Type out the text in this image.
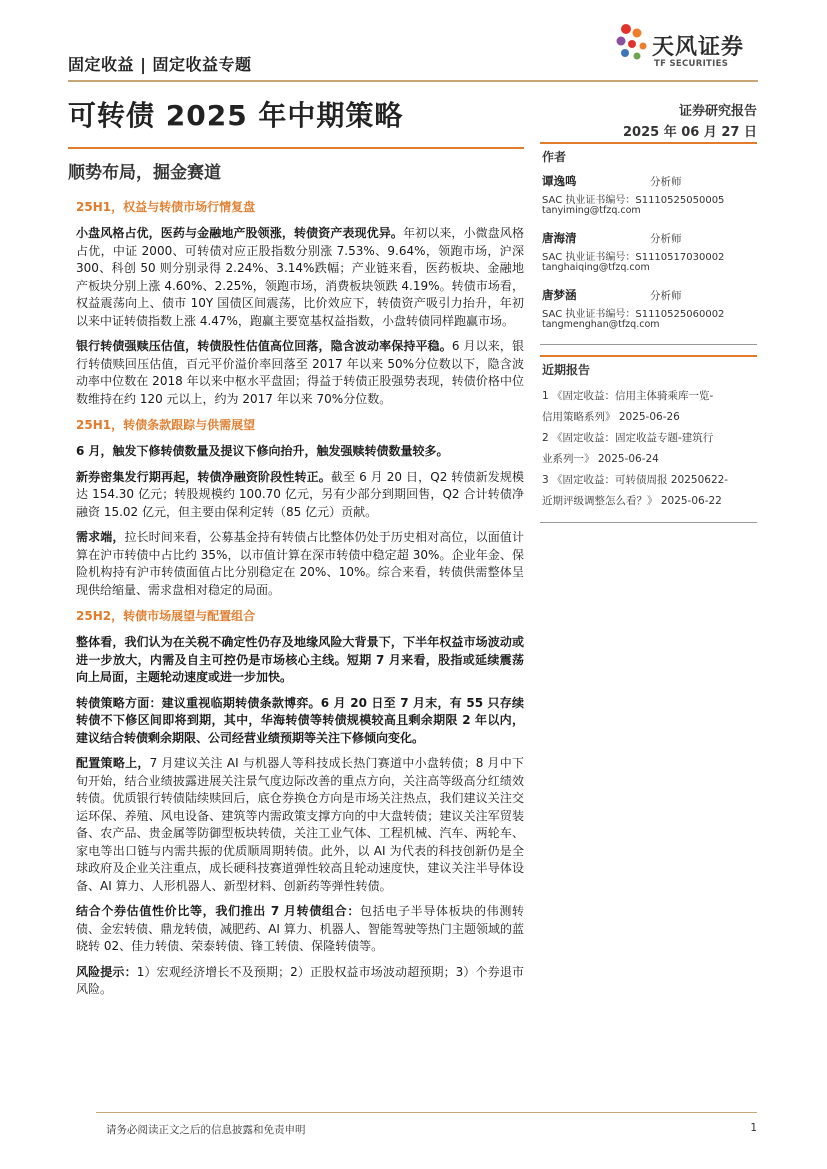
固定收益 | 固定收益专题
天风证券
TF SECURITIES
可转债 2025 年中期策略	证券研究报告
2025 年 06 月 27 日
顺势布局，掘金赛道
25H1，权益与转债市场行情复盘

小盘风格占优，医药与金融地产股领涨，转债资产表现优异。年初以来，小微盘风格占优，中证 2000、可转债对应正股指数分别涨 7.53%、9.64%，领跑市场，沪深 300、科创 50 则分别录得 2.24%、3.14%跌幅；产业链来看，医药板块、金融地产板块分别上涨 4.60%、2.25%，领跑市场，消费板块领跌 4.19%。转债市场看，权益震荡向上、债市 10Y 国债区间震荡，比价效应下，转债资产吸引力抬升，年初以来中证转债指数上涨 4.47%，跑赢主要宽基权益指数，小盘转债同样跑赢市场。

银行转债强赎压估值，转债股性估值高位回落，隐含波动率保持平稳。6 月以来，银行转债赎回压估值，百元平价溢价率回落至 2017 年以来 50%分位数以下，隐含波动率中位数在 2018 年以来中枢水平盘固；得益于转债正股强势表现，转债价格中位数维持在约 120 元以上，约为 2017 年以来 70%分位数。

25H1，转债条款跟踪与供需展望

6 月，触发下修转债数量及提议下修向抬升，触发强赎转债数量较多。

新券密集发行期再起，转债净融资阶段性转正。截至 6 月 20 日，Q2 转债新发规模达 154.30 亿元；转股规模约 100.70 亿元，另有少部分到期回售，Q2 合计转债净融资 15.02 亿元，但主要由保利定转（85 亿元）贡献。

需求端，拉长时间来看，公募基金持有转债占比整体仍处于历史相对高位，以面值计算在沪市转债中占比约 35%，以市值计算在深市转债中稳定超 30%。企业年金、保险机构持有沪市转债面值占比分别稳定在 20%、10%。综合来看，转债供需整体呈现供给缩量、需求盘相对稳定的局面。

25H2，转债市场展望与配置组合

整体看，我们认为在关税不确定性仍存及地缘风险大背景下，下半年权益市场波动或进一步放大，内需及自主可控仍是市场核心主线。短期 7 月来看，股指或延续震荡向上局面，主题轮动速度或进一步加快。

转债策略方面：建议重视临期转债条款博弈。6 月 20 日至 7 月末，有 55 只存续转债不下修区间即将到期，其中，华海转债等转债规模较高且剩余期限 2 年以内，建议结合转债剩余期限、公司经营业绩预期等关注下修倾向变化。

配置策略上，7 月建议关注 AI 与机器人等科技成长热门赛道中小盘转债；8 月中下旬开始，结合业绩披露进展关注景气度边际改善的重点方向，关注高等级高分红绩效转债。优质银行转债陆续赎回后，底仓券换仓方向是市场关注热点，我们建议关注交运环保、养殖、风电设备、建筑等内需政策支撑方向的中大盘转债；建议关注军贸装备、农产品、贵金属等防御型板块转债，关注工业气体、工程机械、汽车、两轮车、家电等出口链与内需共振的优质顺周期转债。此外，以 AI 为代表的科技创新仍是全球政府及企业关注重点，成长硬科技赛道弹性较高且轮动速度快，建议关注半导体设备、AI 算力、人形机器人、新型材料、创新药等弹性转债。

结合个券估值性价比等，我们推出 7 月转债组合：包括电子半导体板块的伟测转债、金宏转债、鼎龙转债，减肥药、AI 算力、机器人、智能驾驶等热门主题领域的蓝晓转 02、佳力转债、荣泰转债、锋工转债、保隆转债等。

风险提示：1）宏观经济增长不及预期；2）正股权益市场波动超预期；3）个券退市风险。

作者
谭逸鸣	分析师
SAC 执业证书编号：S1110525050005
tanyiming@tfzq.com
唐海清	分析师
SAC 执业证书编号：S1110517030002
tanghaiqing@tfzq.com
唐梦涵	分析师
SAC 执业证书编号：S1110525060002
tangmenghan@tfzq.com
近期报告
1 《固定收益：信用主体骑乘库一览-
信用策略系列》 2025-06-26
2 《固定收益：固定收益专题-建筑行
业系列一》 2025-06-24
3 《固定收益：可转债周报 20250622-
近期评级调整怎么看？》 2025-06-22
请务必阅读正文之后的信息披露和免责申明	1
